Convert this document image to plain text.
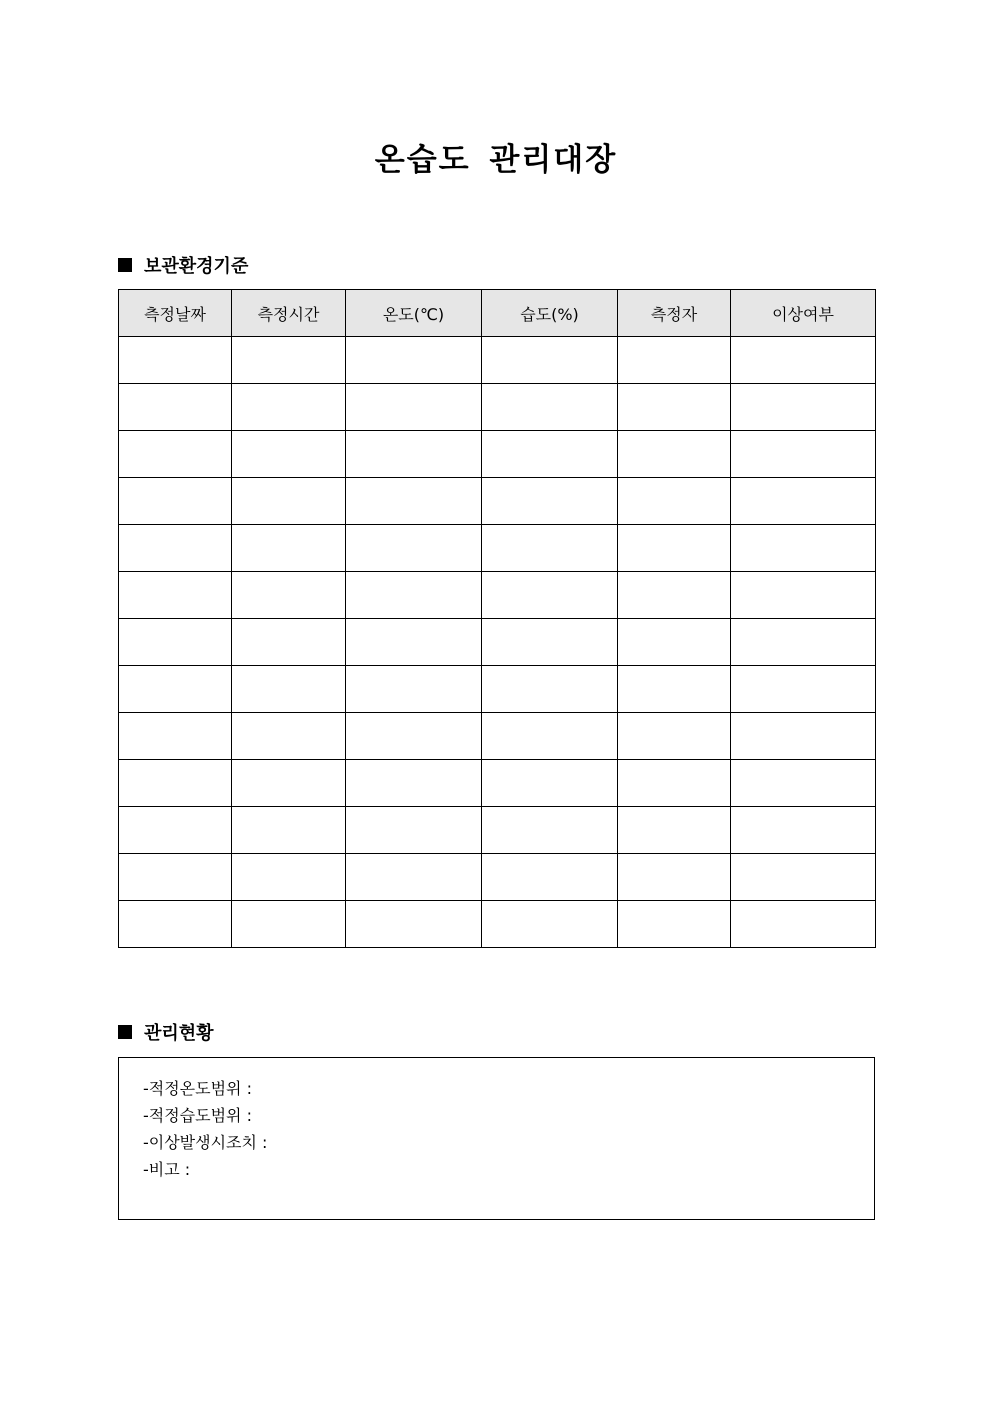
온습도 관리대장
보관환경기준
측정날짜	측정시간	온도(℃)	습도(%)	측정자	이상여부

관리현황
-적정온도범위 :
-적정습도범위 :
-이상발생시조치 :
-비고 :
